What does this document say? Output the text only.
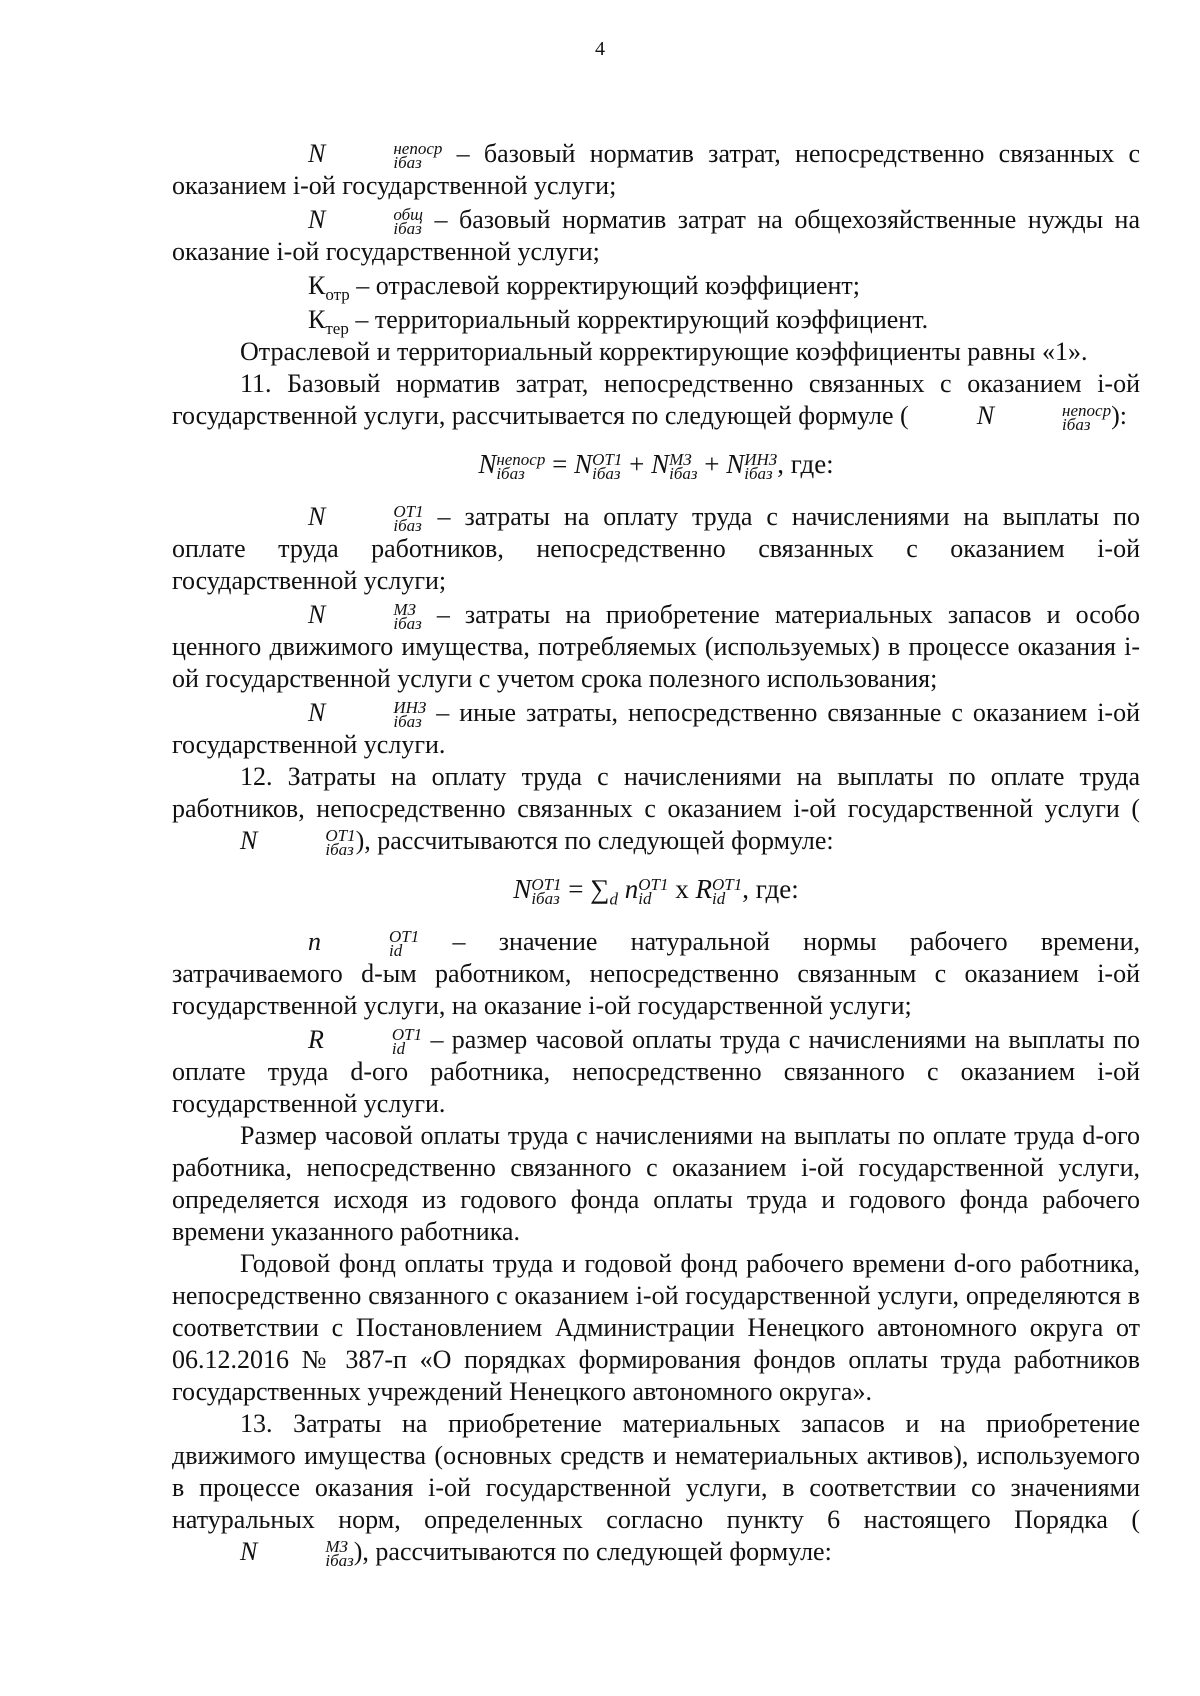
4

N	непоср
iбаз	– базовый норматив затрат, непосредственно связанных с оказанием i-ой государственной услуги;

N	общ
iбаз – базовый норматив затрат на общехозяйственные нужды на оказание i-ой государственной услуги;

$К_{отр}$ – отраслевой корректирующий коэффициент;

$К_{тер}$ – территориальный корректирующий коэффициент.

Отраслевой и территориальный корректирующие коэффициенты равны «1».

11. Базовый норматив затрат, непосредственно связанных с оказанием i-ой государственной услуги, рассчитывается по следующей формуле (	N	непоср
iбаз ):

N непоср
iбаз	= N ОТ1
iбаз + N МЗ
iбаз + N ИНЗ
iбаз , где:

N	ОТ1
iбаз – затраты на оплату труда с начислениями на выплаты по оплате труда работников, непосредственно связанных с оказанием i-ой государственной услуги;

N	МЗ
iбаз – затраты на приобретение материальных запасов и особо ценного движимого имущества, потребляемых (используемых) в процессе оказания i-ой государственной услуги с учетом срока полезного использования;

N	ИНЗ
iбаз – иные затраты, непосредственно связанные с оказанием i-ой государственной услуги.

12. Затраты на оплату труда с начислениями на выплаты по оплате труда работников, непосредственно связанных с оказанием i-ой государственной услуги (N	ОТ1
iбаз ), рассчитываются по следующей формуле:

N ОТ1
iбаз = $\sum_d$ n ОТ1
id х R ОТ1
id , где:

n	ОТ1
id	– значение натуральной нормы рабочего времени, затрачиваемого d-ым работником, непосредственно связанным с оказанием i-ой государственной услуги, на оказание i-ой государственной услуги;

R	ОТ1
id – размер часовой оплаты труда с начислениями на выплаты по оплате труда d-ого работника, непосредственно связанного с оказанием i-ой государственной услуги.

Размер часовой оплаты труда с начислениями на выплаты по оплате труда d-ого работника, непосредственно связанного с оказанием i-ой государственной услуги, определяется исходя из годового фонда оплаты труда и годового фонда рабочего времени указанного работника.

Годовой фонд оплаты труда и годовой фонд рабочего времени d-ого работника, непосредственно связанного с оказанием i-ой государственной услуги, определяются в соответствии с Постановлением Администрации Ненецкого автономного округа от 06.12.2016 № 387-п «О порядках формирования фондов оплаты труда работников государственных учреждений Ненецкого автономного округа».

13. Затраты на приобретение материальных запасов и на приобретение движимого имущества (основных средств и нематериальных активов), используемого в процессе оказания i-ой государственной услуги, в соответствии со значениями натуральных норм, определенных согласно пункту 6 настоящего Порядка (N	МЗ
iбаз ), рассчитываются по следующей формуле:
